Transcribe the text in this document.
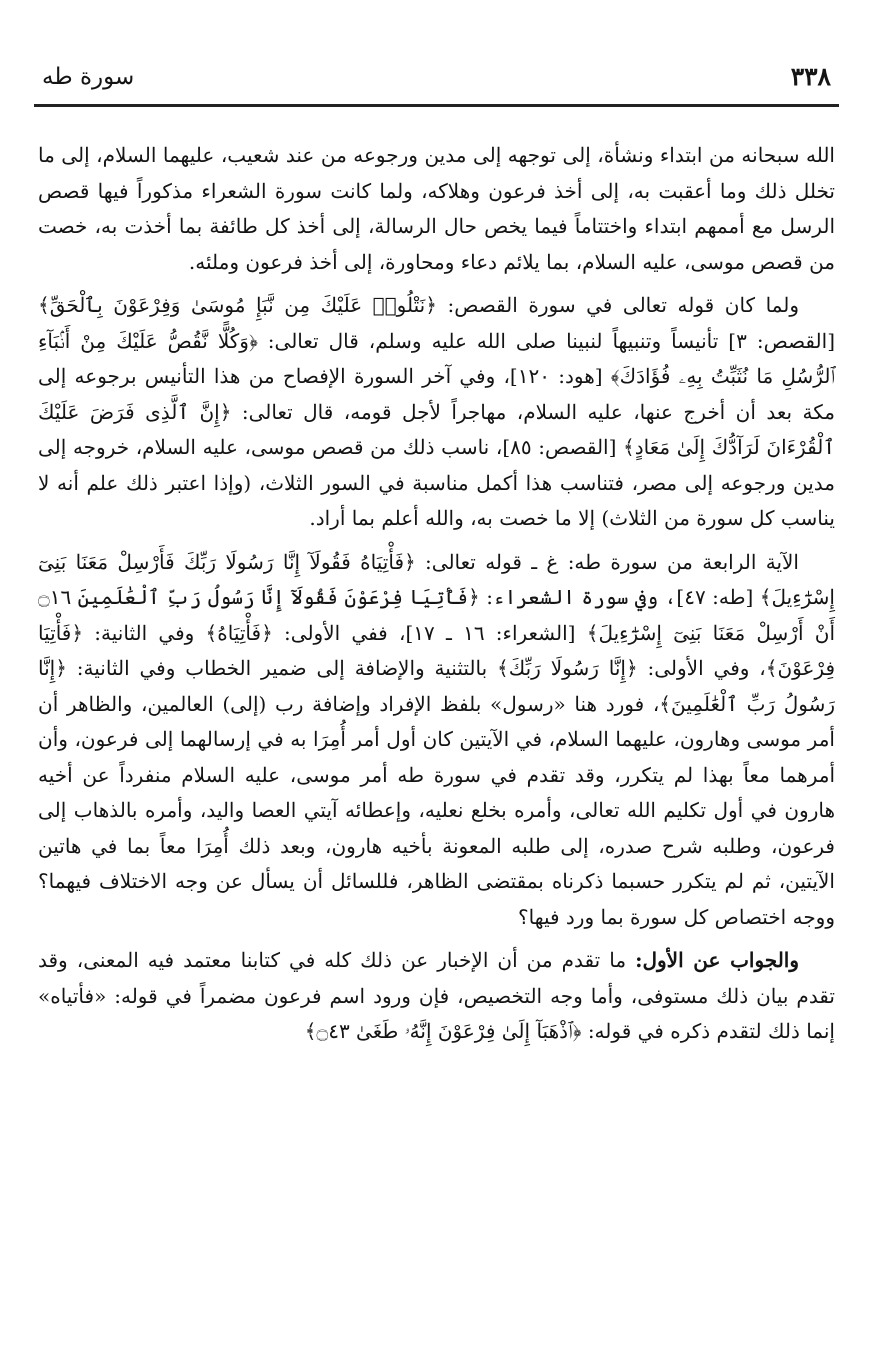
٣٣٨
سورة طه

الله سبحانه من ابتداء ونشأة، إلى توجهه إلى مدين ورجوعه من عند شعيب، عليهما السلام، إلى ما تخلل ذلك وما أعقبت به، إلى أخذ فرعون وهلاكه، ولما كانت سورة الشعراء مذكوراً فيها قصص الرسل مع أممهم ابتداء واختتاماً فيما يخص حال الرسالة، إلى أخذ كل طائفة بما أخذت به، خصت من قصص موسى، عليه السلام، بما يلائم دعاء ومحاورة، إلى أخذ فرعون وملئه.

ولما كان قوله تعالى في سورة القصص: ﴿نَتْلُوا۟ عَلَيْكَ مِن نَّبَإِ مُوسَىٰ وَفِرْعَوْنَ بِٱلْحَقِّ﴾ [القصص: ٣] تأنيساً وتنبيهاً لنبينا صلى الله عليه وسلم، قال تعالى: ﴿وَكُلًّا نَّقُصُّ عَلَيْكَ مِنْ أَنۢبَآءِ ٱلرُّسُلِ مَا نُثَبِّتُ بِهِۦ فُؤَادَكَ﴾ [هود: ١٢٠]، وفي آخر السورة الإفصاح من هذا التأنيس برجوعه إلى مكة بعد أن أخرج عنها، عليه السلام، مهاجراً لأجل قومه، قال تعالى: ﴿إِنَّ ٱلَّذِى فَرَضَ عَلَيْكَ ٱلْقُرْءَانَ لَرَآدُّكَ إِلَىٰ مَعَادٍ﴾ [القصص: ٨٥]، ناسب ذلك من قصص موسى، عليه السلام، خروجه إلى مدين ورجوعه إلى مصر، فتناسب هذا أكمل مناسبة في السور الثلاث، (وإذا اعتبر ذلك علم أنه لا يناسب كل سورة من الثلاث) إلا ما خصت به، والله أعلم بما أراد.

الآية الرابعة من سورة طه: غ ـ قوله تعالى: ﴿فَأْتِيَاهُ فَقُولَآ إِنَّا رَسُولَا رَبِّكَ فَأَرْسِلْ مَعَنَا بَنِىٓ إِسْرَٰٓءِيلَ﴾ [طه: ٤٧]، وفي سورة الشعراء: ﴿فَأْتِيَا فِرْعَوْنَ فَقُولَآ إِنَّا رَسُولُ رَبِّ ٱلْعَٰلَمِينَ ۝١٦ أَنْ أَرْسِلْ مَعَنَا بَنِىٓ إِسْرَٰٓءِيلَ﴾ [الشعراء: ١٦ ـ ١٧]، ففي الأولى: ﴿فَأْتِيَاهُ﴾ وفي الثانية: ﴿فَأْتِيَا فِرْعَوْنَ﴾، وفي الأولى: ﴿إِنَّا رَسُولَا رَبِّكَ﴾ بالتثنية والإضافة إلى ضمير الخطاب وفي الثانية: ﴿إِنَّا رَسُولُ رَبِّ ٱلْعَٰلَمِينَ﴾، فورد هنا «رسول» بلفظ الإفراد وإضافة رب (إلى) العالمين، والظاهر أن أمر موسى وهارون، عليهما السلام، في الآيتين كان أول أمر أُمِرَا به في إرسالهما إلى فرعون، وأن أمرهما معاً بهذا لم يتكرر، وقد تقدم في سورة طه أمر موسى، عليه السلام منفرداً عن أخيه هارون في أول تكليم الله تعالى، وأمره بخلع نعليه، وإعطائه آيتي العصا واليد، وأمره بالذهاب إلى فرعون، وطلبه شرح صدره، إلى طلبه المعونة بأخيه هارون، وبعد ذلك أُمِرَا معاً بما في هاتين الآيتين، ثم لم يتكرر حسبما ذكرناه بمقتضى الظاهر، فللسائل أن يسأل عن وجه الاختلاف فيهما؟ ووجه اختصاص كل سورة بما ورد فيها؟

والجواب عن الأول: ما تقدم من أن الإخبار عن ذلك كله في كتابنا معتمد فيه المعنى، وقد تقدم بيان ذلك مستوفى، وأما وجه التخصيص، فإن ورود اسم فرعون مضمراً في قوله: «فأتياه» إنما ذلك لتقدم ذكره في قوله: ﴿ٱذْهَبَآ إِلَىٰ فِرْعَوْنَ إِنَّهُۥ طَغَىٰ ۝٤٣﴾
